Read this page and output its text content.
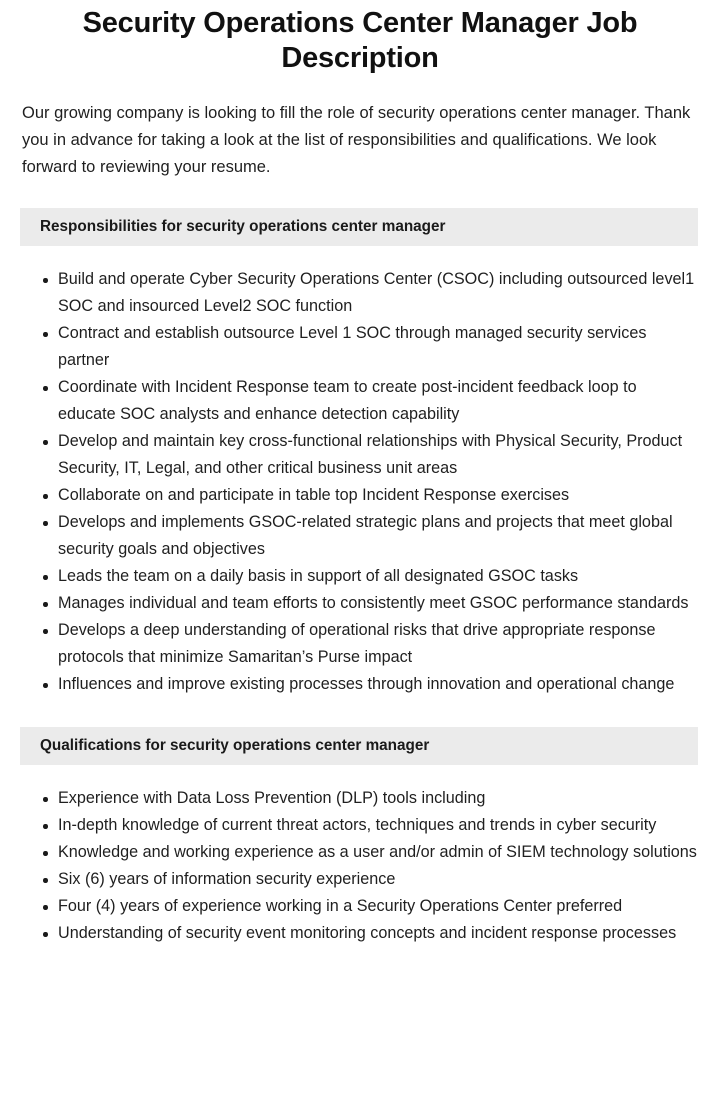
Security Operations Center Manager Job Description

Our growing company is looking to fill the role of security operations center manager. Thank you in advance for taking a look at the list of responsibilities and qualifications. We look forward to reviewing your resume.

Responsibilities for security operations center manager
Build and operate Cyber Security Operations Center (CSOC) including outsourced level1 SOC and insourced Level2 SOC function
Contract and establish outsource Level 1 SOC through managed security services partner
Coordinate with Incident Response team to create post-incident feedback loop to educate SOC analysts and enhance detection capability
Develop and maintain key cross-functional relationships with Physical Security, Product Security, IT, Legal, and other critical business unit areas
Collaborate on and participate in table top Incident Response exercises
Develops and implements GSOC-related strategic plans and projects that meet global security goals and objectives
Leads the team on a daily basis in support of all designated GSOC tasks
Manages individual and team efforts to consistently meet GSOC performance standards
Develops a deep understanding of operational risks that drive appropriate response protocols that minimize Samaritan’s Purse impact
Influences and improve existing processes through innovation and operational change
Qualifications for security operations center manager
Experience with Data Loss Prevention (DLP) tools including
In-depth knowledge of current threat actors, techniques and trends in cyber security
Knowledge and working experience as a user and/or admin of SIEM technology solutions
Six (6) years of information security experience
Four (4) years of experience working in a Security Operations Center preferred
Understanding of security event monitoring concepts and incident response processes
